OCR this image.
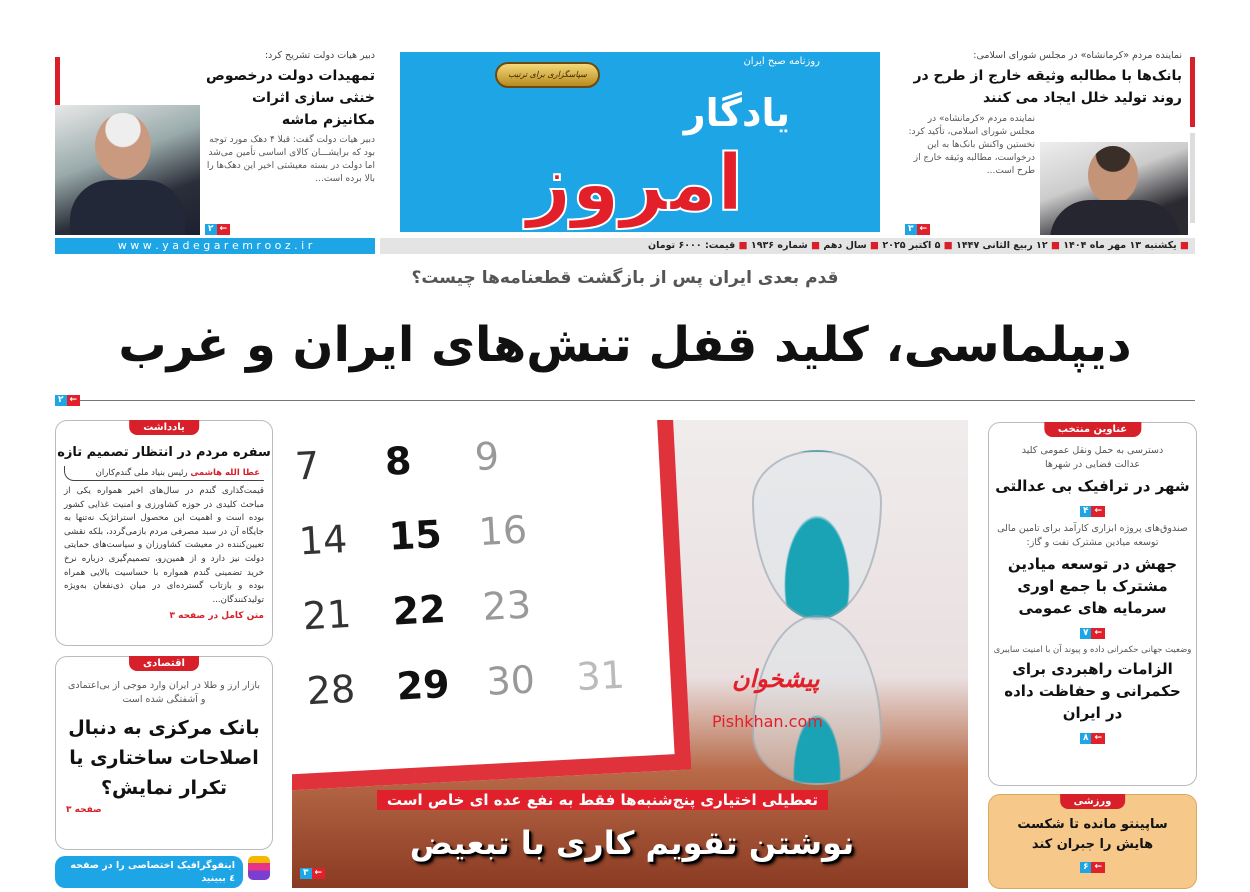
دبیر هیات دولت تشریح کرد:
تمهیدات دولت درخصوص خنثی سازی اثرات مکانیزم ماشه
دبیر هیات دولت گفت: قبلا ۴ دهک مورد توجه بود که برایشـــان کالای اساسی تأمین می‌شد اما دولت در بسته معیشتی اخیر این دهک‌ها را بالا برده است...
۲ ←
w w w . y a d e g a r e m r o o z . i r
روزنامه صبح ایران
سپاسگزاری برای ترتیب
یادگار
امروز
■ یکشنبه ۱۳ مهر ماه ۱۴۰۴ ■ ۱۲ ربیع الثانی ۱۴۴۷ ■ ۵ اکتبر ۲۰۲۵ ■ سال دهم ■ شماره ۱۹۳۶ ■ قیمت: ۶۰۰۰ تومان
نماینده مردم «کرمانشاه» در مجلس شورای اسلامی:
بانک‌ها با مطالبه وثیقه خارج از طرح در روند تولید خلل ایجاد می کنند
نماینده مردم «کرمانشاه» در مجلس شورای اسلامی، تأکید کرد: نخستین واکنش بانک‌ها به این درخواست، مطالبه وثیقه خارج از طرح است...
۳ ←
قدم بعدی ایران پس از بازگشت قطعنامه‌ها چیست؟
دیپلماسی، کلید قفل تنش‌های ایران و غرب
۲ ←
یادداشت
سفره مردم در انتظار تصمیم تازه
عطا الله هاشمی رئیس بنیاد ملی گندم‌کاران
قیمت‌گذاری گندم در سال‌های اخیر همواره یکی از مباحث کلیدی در حوزه کشاورزی و امنیت غذایی کشور بوده است و اهمیت این محصول استراتژیک نه‌تنها به جایگاه آن در سبد مصرفی مردم بازمی‌گردد، بلکه نقشی تعیین‌کننده در معیشت کشاورزان و سیاست‌های حمایتی دولت نیز دارد و از همین‌رو، تصمیم‌گیری درباره نرخ خرید تضمینی گندم همواره با حساسیت بالایی همراه بوده و بازتاب گسترده‌ای در میان ذی‌نفعان به‌ویژه تولیدکنندگان...
متن کامل در صفحه ۳
اقتصادی
بازار ارز و طلا در ایران وارد موجی از بی‌اعتمادی و آشفتگی شده است
بانک مرکزی به دنبال اصلاحات ساختاری یا تکرار نمایش؟
صفحه ۳
اینفوگرافیک اختصاصی را در صفحه ٤ ببینید
7	8	9
14	15 16
21	22 23
28	29 30	31	پیشخوان
Pishkhan.com
تعطیلی اختیاری پنج‌شنبه‌ها فقط به نفع عده ای خاص است
نوشتن تقویم کاری با تبعیض
۳ ←
عناوین منتخب
دسترسی به حمل ونقل عمومی کلید عدالت فضایی در شهرها
شهر در ترافیک بی عدالتی
۴ ←
صندوق‌های پروژه ابزاری کارآمد برای تامین مالی توسعه میادین مشترک نفت و گاز:
جهش در توسعه میادین مشترک با جمع اوری سرمایه های عمومی
۷ ←
وضعیت جهانی حکمرانی داده و پیوند آن با امنیت سایبری
الزامات راهبردی برای حکمرانی و حفاظت داده در ایران
۸ ←
ورزشی
ساپینتو مانده تا شکست هایش را جبران کند
۶ ←
